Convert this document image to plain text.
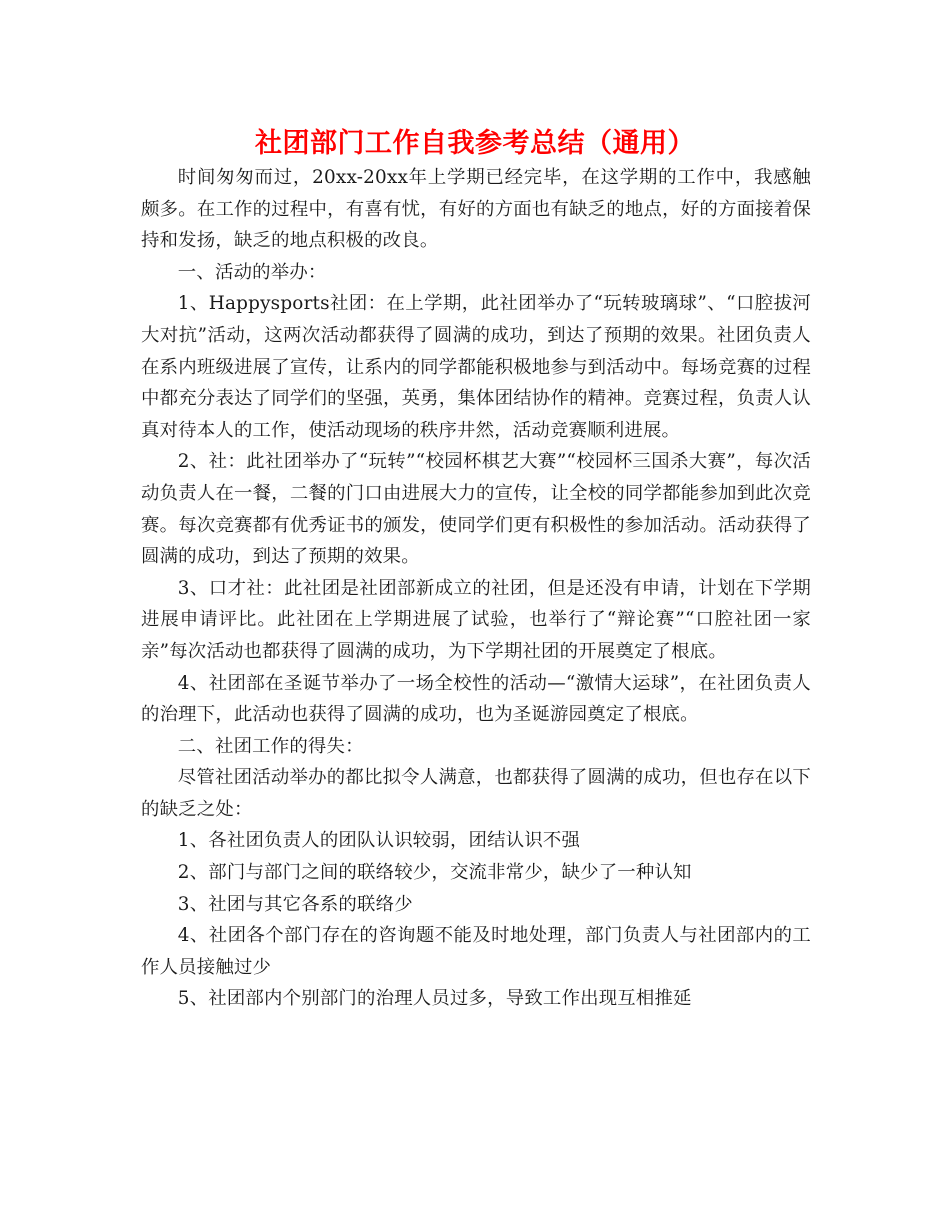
社团部门工作自我参考总结（通用）

时间匆匆而过，20xx-20xx年上学期已经完毕，在这学期的工作中，我感触颇多。在工作的过程中，有喜有忧，有好的方面也有缺乏的地点，好的方面接着保持和发扬，缺乏的地点积极的改良。

一、活动的举办：

1、Happysports社团：在上学期，此社团举办了“玩转玻璃球”、“口腔拔河大对抗”活动，这两次活动都获得了圆满的成功，到达了预期的效果。社团负责人在系内班级进展了宣传，让系内的同学都能积极地参与到活动中。每场竞赛的过程中都充分表达了同学们的坚强，英勇，集体团结协作的精神。竞赛过程，负责人认真对待本人的工作，使活动现场的秩序井然，活动竞赛顺利进展。

2、社：此社团举办了“玩转”“校园杯棋艺大赛”“校园杯三国杀大赛”，每次活动负责人在一餐，二餐的门口由进展大力的宣传，让全校的同学都能参加到此次竞赛。每次竞赛都有优秀证书的颁发，使同学们更有积极性的参加活动。活动获得了圆满的成功，到达了预期的效果。

3、口才社：此社团是社团部新成立的社团，但是还没有申请，计划在下学期进展申请评比。此社团在上学期进展了试验，也举行了“辩论赛”“口腔社团一家亲”每次活动也都获得了圆满的成功，为下学期社团的开展奠定了根底。

4、社团部在圣诞节举办了一场全校性的活动—“激情大运球”，在社团负责人的治理下，此活动也获得了圆满的成功，也为圣诞游园奠定了根底。

二、社团工作的得失：

尽管社团活动举办的都比拟令人满意，也都获得了圆满的成功，但也存在以下的缺乏之处：

1、各社团负责人的团队认识较弱，团结认识不强

2、部门与部门之间的联络较少，交流非常少，缺少了一种认知

3、社团与其它各系的联络少

4、社团各个部门存在的咨询题不能及时地处理，部门负责人与社团部内的工作人员接触过少

5、社团部内个别部门的治理人员过多，导致工作出现互相推延
